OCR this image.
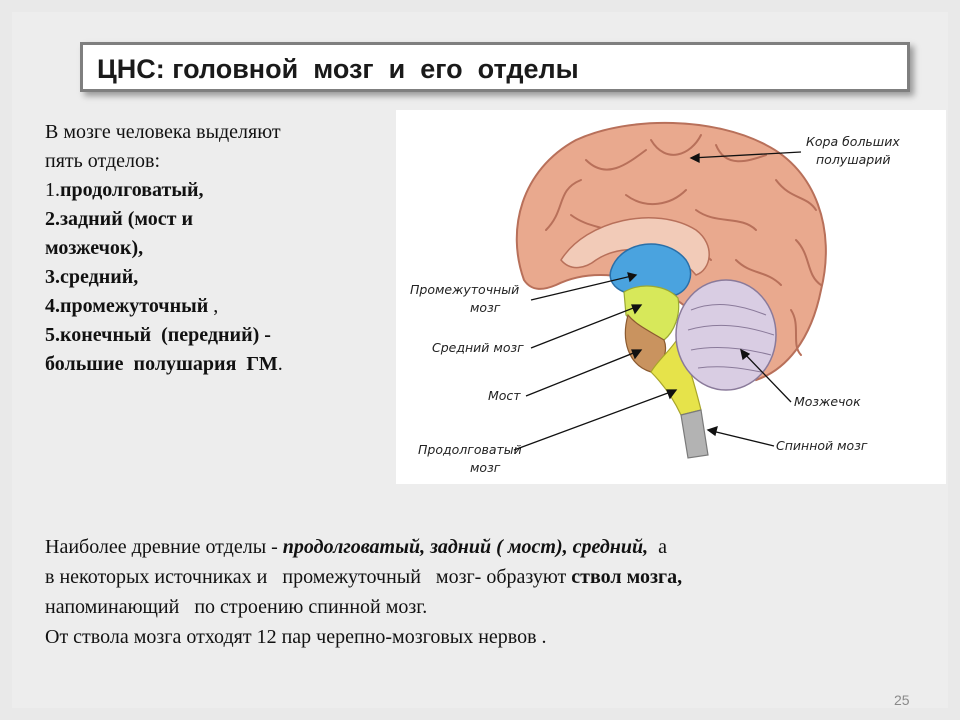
ЦНС: головной  мозг  и  его  отделы
В мозге человека выделяют
пять отделов:
1.продолговатый,
2.задний (мост и
мозжечок),
3.средний,
4.промежуточный ,
5.конечный  (передний) -
большие  полушария  ГМ.
Кора больших
полушарий
Промежуточный
мозг
Средний мозг
Мост
Продолговатый
мозг
Мозжечок
Спинной мозг
Наиболее древние отделы - продолговатый, задний ( мост), средний,  а
в некоторых источниках и   промежуточный   мозг- образуют ствол мозга,
напоминающий   по строению спинной мозг.
От ствола мозга отходят 12 пар черепно-мозговых нервов .
25
